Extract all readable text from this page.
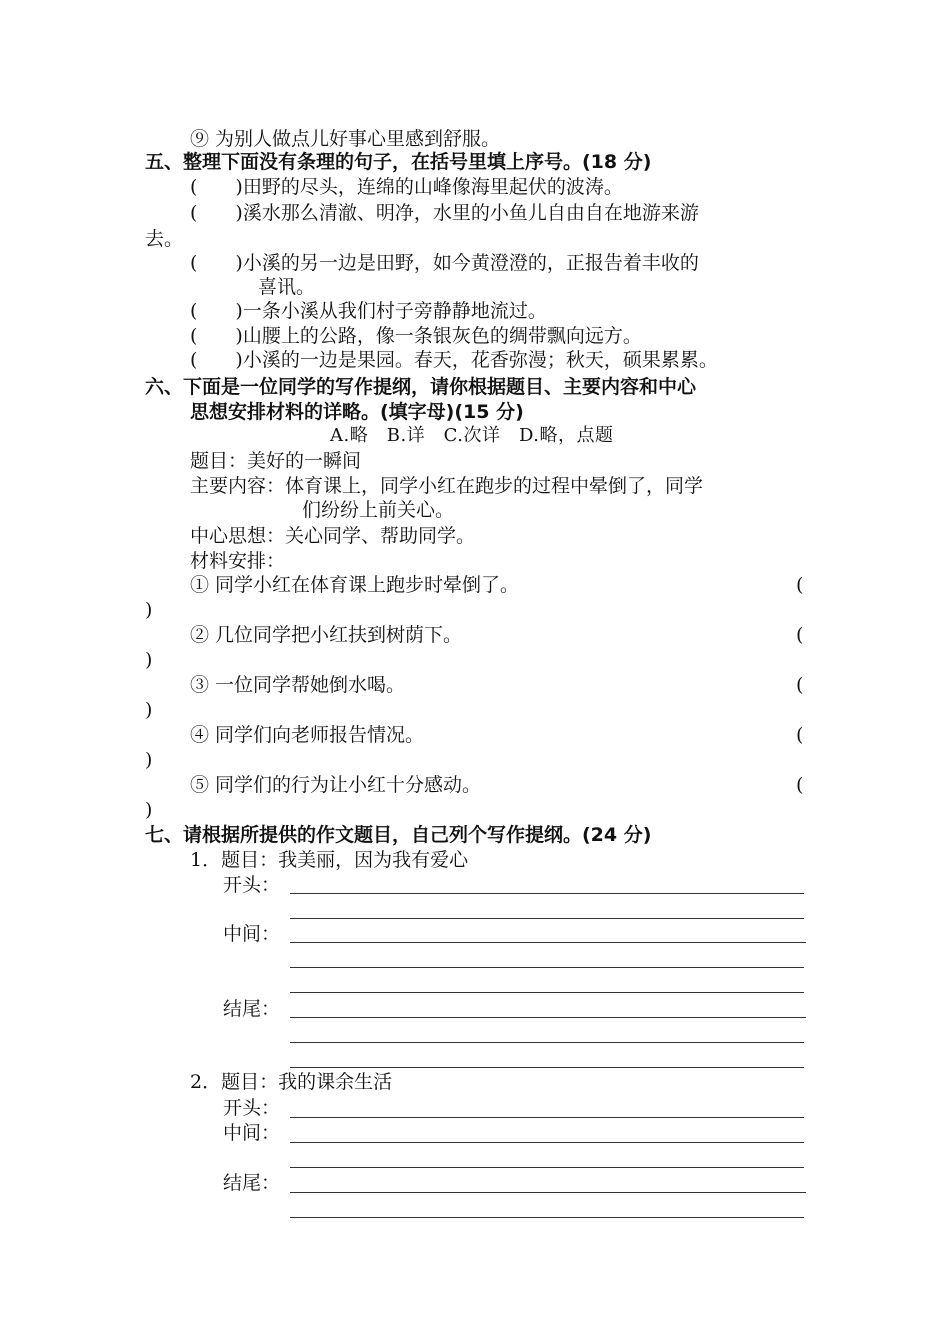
⑨ 为别人做点儿好事心里感到舒服。
五、整理下面没有条理的句子，在括号里填上序号。(18 分)
(　　)田野的尽头，连绵的山峰像海里起伏的波涛。
(　　)溪水那么清澈、明净，水里的小鱼儿自由自在地游来游
去。
(　　)小溪的另一边是田野，如今黄澄澄的，正报告着丰收的
喜讯。
(　　)一条小溪从我们村子旁静静地流过。
(　　)山腰上的公路，像一条银灰色的绸带飘向远方。
(　　)小溪的一边是果园。春天，花香弥漫；秋天，硕果累累。
六、下面是一位同学的写作提纲，请你根据题目、主要内容和中心
思想安排材料的详略。(填字母)(15 分)
A.略　B.详　C.次详　D.略，点题
题目：美好的一瞬间
主要内容：体育课上，同学小红在跑步的过程中晕倒了，同学
们纷纷上前关心。
中心思想：关心同学、帮助同学。
材料安排：
① 同学小红在体育课上跑步时晕倒了。	(
)
② 几位同学把小红扶到树荫下。	(
)
③ 一位同学帮她倒水喝。	(
)
④ 同学们向老师报告情况。	(
)
⑤ 同学们的行为让小红十分感动。	(
)
七、请根据所提供的作文题目，自己列个写作提纲。(24 分)
1．题目：我美丽，因为我有爱心
开头：
中间：
结尾：
2．题目：我的课余生活
开头：
中间：
结尾：
